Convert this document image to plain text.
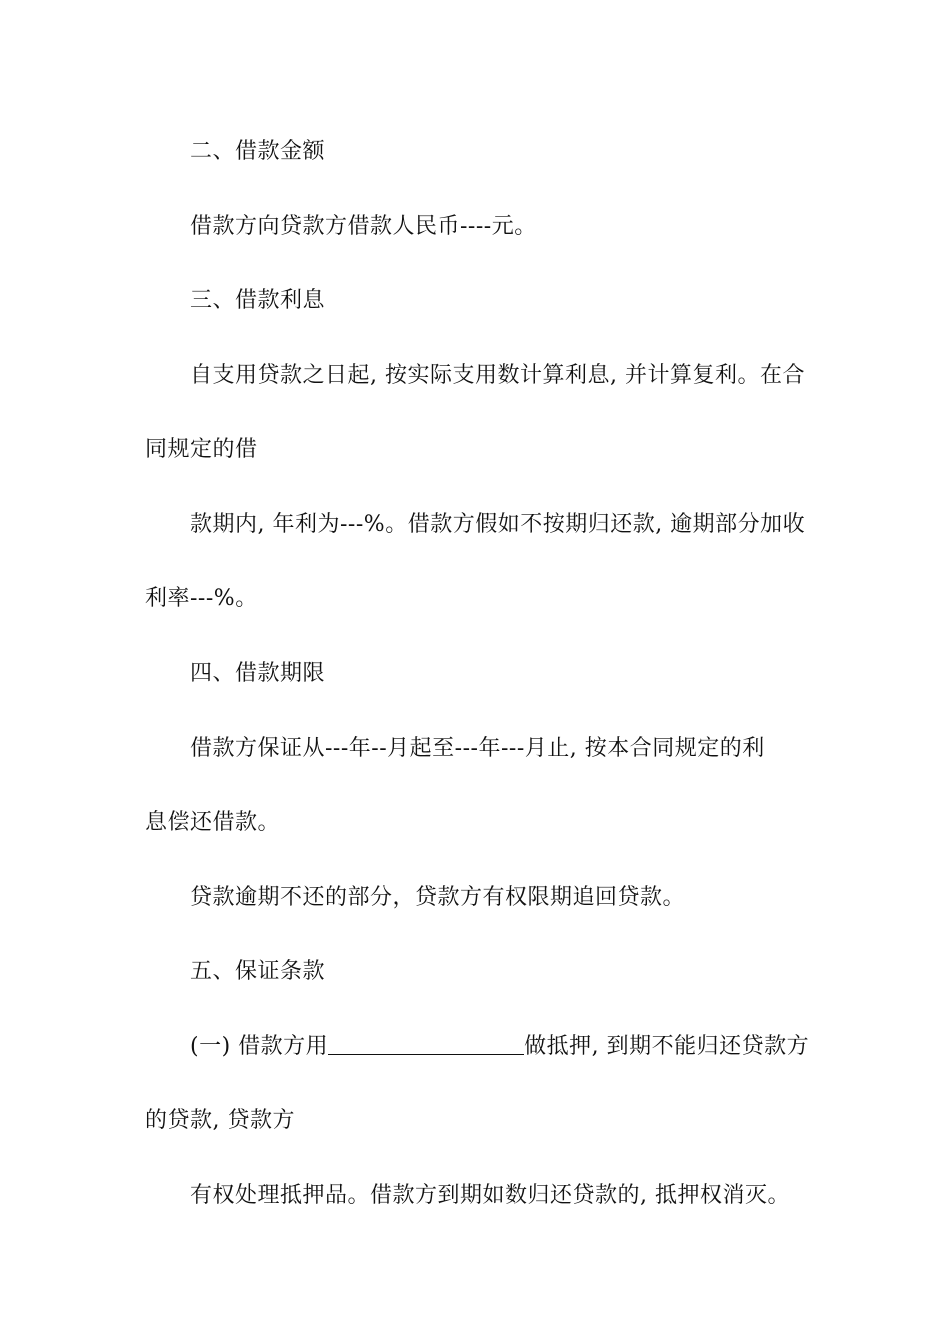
二、借款金额
借款方向贷款方借款人民币----元。
三、借款利息
自支用贷款之日起, 按实际支用数计算利息, 并计算复利。在合
同规定的借
款期内, 年利为---%。借款方假如不按期归还款, 逾期部分加收
利率---%。
四、借款期限
借款方保证从---年--月起至---年---月止, 按本合同规定的利
息偿还借款。
贷款逾期不还的部分，贷款方有权限期追回贷款。
五、保证条款
(一) 借款方用	做抵押, 到期不能归还贷款方
的贷款, 贷款方
有权处理抵押品。借款方到期如数归还贷款的, 抵押权消灭。
